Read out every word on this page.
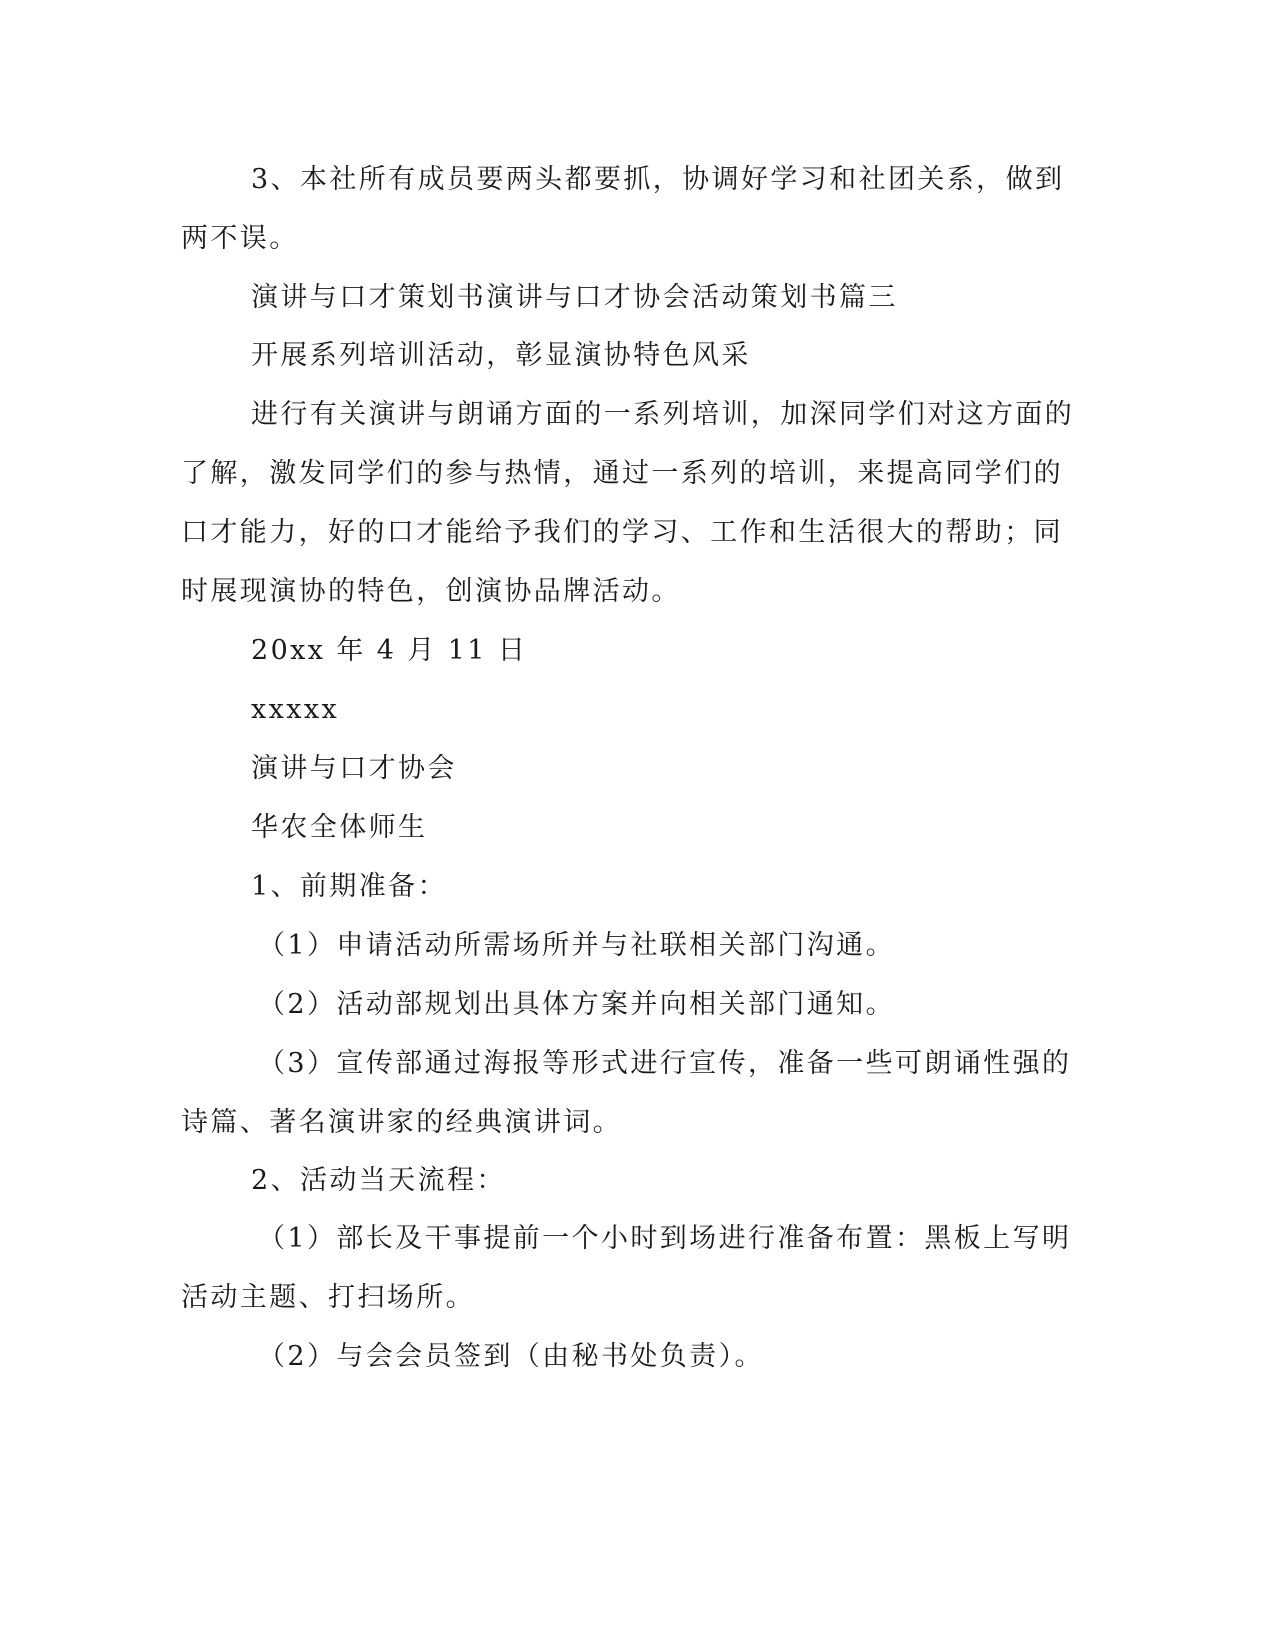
3、本社所有成员要两头都要抓，协调好学习和社团关系，做到
两不误。
演讲与口才策划书演讲与口才协会活动策划书篇三
开展系列培训活动，彰显演协特色风采
进行有关演讲与朗诵方面的一系列培训，加深同学们对这方面的
了解，激发同学们的参与热情，通过一系列的培训，来提高同学们的
口才能力，好的口才能给予我们的学习、工作和生活很大的帮助；同
时展现演协的特色，创演协品牌活动。
20xx 年 4 月 11 日
xxxxx
演讲与口才协会
华农全体师生
1、前期准备：
（1）申请活动所需场所并与社联相关部门沟通。
（2）活动部规划出具体方案并向相关部门通知。
（3）宣传部通过海报等形式进行宣传，准备一些可朗诵性强的
诗篇、著名演讲家的经典演讲词。
2、活动当天流程：
（1）部长及干事提前一个小时到场进行准备布置：黑板上写明
活动主题、打扫场所。
（2）与会会员签到（由秘书处负责）。
